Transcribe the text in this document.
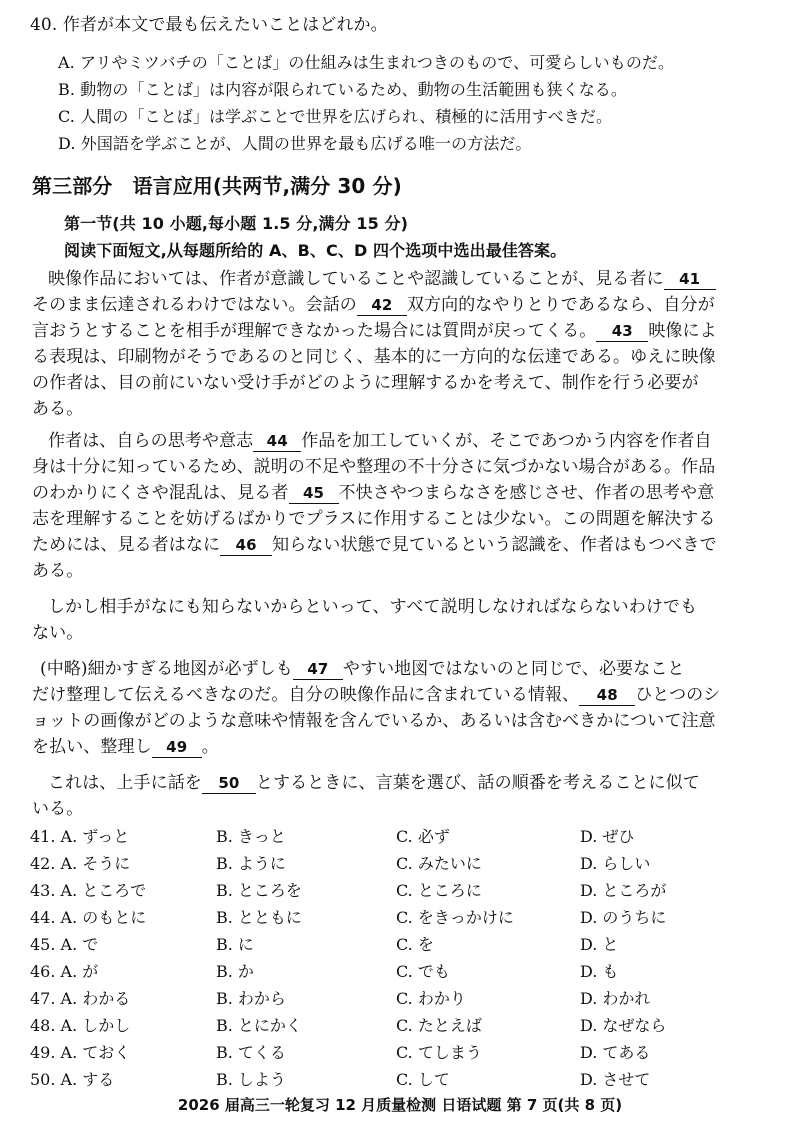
40. 作者が本文で最も伝えたいことはどれか。
A. アリやミツバチの「ことば」の仕組みは生まれつきのもので、可愛らしいものだ。
B. 動物の「ことば」は内容が限られているため、動物の生活範囲も狭くなる。
C. 人間の「ことば」は学ぶことで世界を広げられ、積極的に活用すべきだ。
D. 外国語を学ぶことが、人間の世界を最も広げる唯一の方法だ。
第三部分　语言应用(共两节,满分 30 分)
第一节(共 10 小题,每小题 1.5 分,满分 15 分)
阅读下面短文,从每题所给的 A、B、C、D 四个选项中选出最佳答案。
映像作品においては、作者が意識していることや認識していることが、見る者に 41
そのまま伝達されるわけではない。会話の 42 双方向的なやりとりであるなら、自分が
言おうとすることを相手が理解できなかった場合には質問が戻ってくる。 43 映像によ
る表現は、印刷物がそうであるのと同じく、基本的に一方向的な伝達である。ゆえに映像
の作者は、目の前にいない受け手がどのように理解するかを考えて、制作を行う必要が
ある。
作者は、自らの思考や意志 44 作品を加工していくが、そこであつかう内容を作者自
身は十分に知っているため、説明の不足や整理の不十分さに気づかない場合がある。作品
のわかりにくさや混乱は、見る者 45 不快さやつまらなさを感じさせ、作者の思考や意
志を理解することを妨げるばかりでプラスに作用することは少ない。この問題を解決する
ためには、見る者はなに 46 知らない状態で見ているという認識を、作者はもつべきで
ある。
しかし相手がなにも知らないからといって、すべて説明しなければならないわけでも
ない。
(中略)細かすぎる地図が必ずしも 47 やすい地図ではないのと同じで、必要なこと
だけ整理して伝えるべきなのだ。自分の映像作品に含まれている情報、 48 ひとつのシ
ョットの画像がどのような意味や情報を含んでいるか、あるいは含むべきかについて注意
を払い、整理し 49 。
これは、上手に話を 50 とするときに、言葉を選び、話の順番を考えることに似て
いる。
41. A. ずっと	B. きっと	C. 必ず	D. ぜひ
42. A. そうに	B. ように	C. みたいに	D. らしい
43. A. ところで	B. ところを	C. ところに	D. ところが
44. A. のもとに	B. とともに	C. をきっかけに	D. のうちに
45. A. で	B. に	C. を	D. と
46. A. が	B. か	C. でも	D. も
47. A. わかる	B. わから	C. わかり	D. わかれ
48. A. しかし	B. とにかく	C. たとえば	D. なぜなら
49. A. ておく	B. てくる	C. てしまう	D. てある
50. A. する	B. しよう	C. して	D. させて
2026 届高三一轮复习 12 月质量检测 日语试题 第 7 页(共 8 页)
